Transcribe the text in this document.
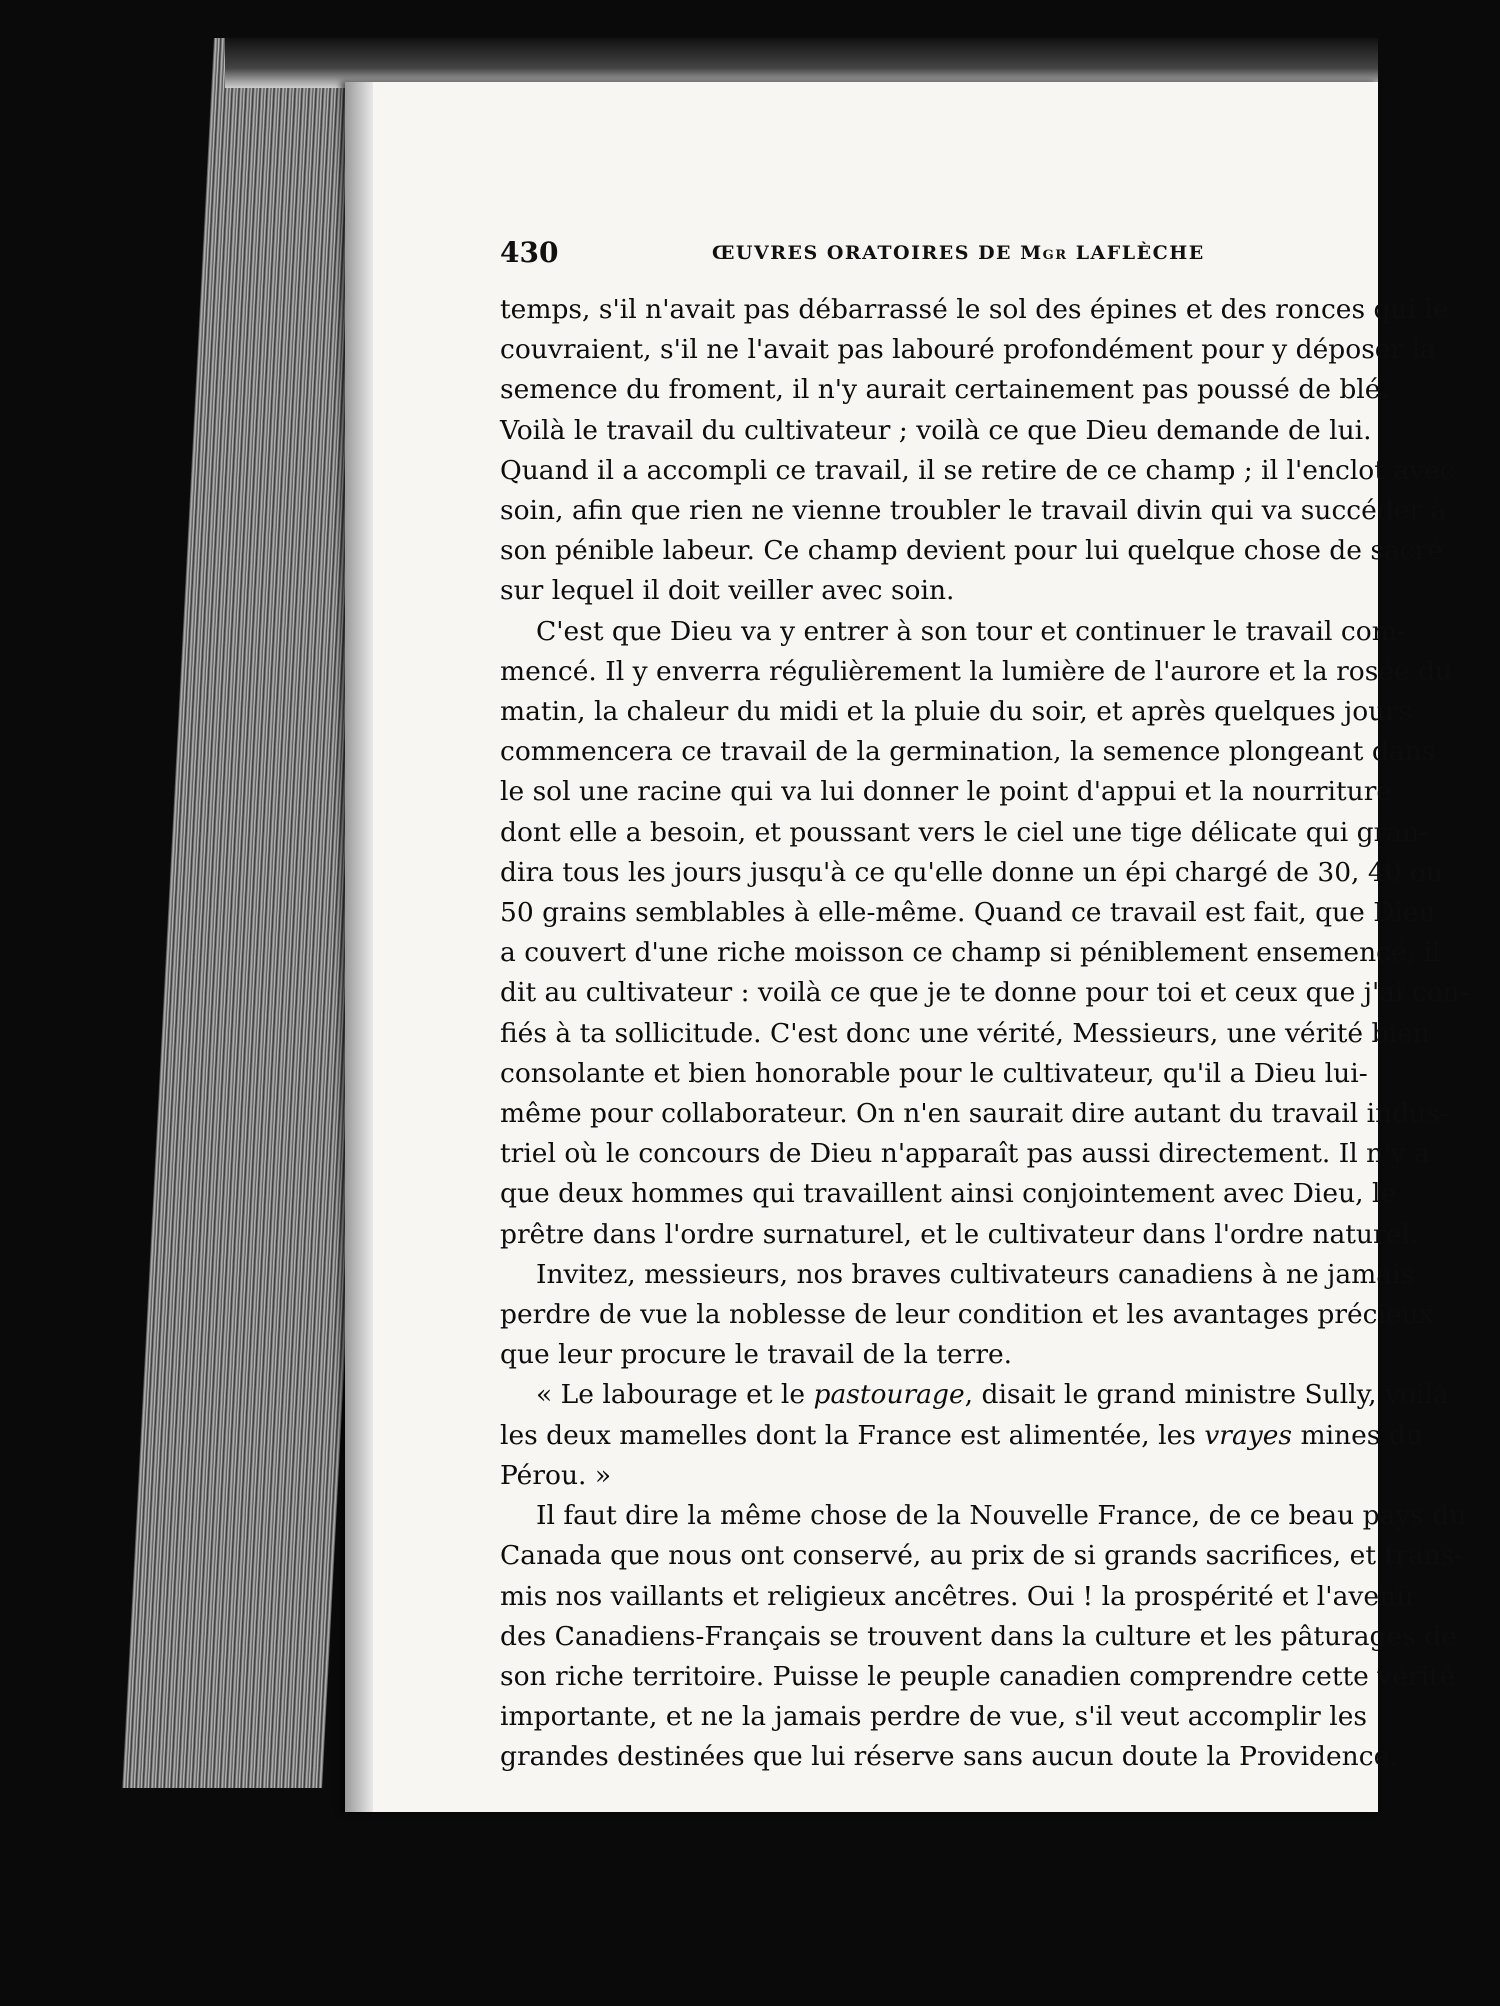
430	ŒUVRES ORATOIRES DE Mgr LAFLÈCHE
temps, s'il n'avait pas débarrassé le sol des épines et des ronces qui le
couvraient, s'il ne l'avait pas labouré profondément pour y déposer la
semence du froment, il n'y aurait certainement pas poussé de blé.
Voilà le travail du cultivateur ; voilà ce que Dieu demande de lui.
Quand il a accompli ce travail, il se retire de ce champ ; il l'enclot avec
soin, afin que rien ne vienne troubler le travail divin qui va succéder à
son pénible labeur. Ce champ devient pour lui quelque chose de sacré
sur lequel il doit veiller avec soin.
C'est que Dieu va y entrer à son tour et continuer le travail com-
mencé. Il y enverra régulièrement la lumière de l'aurore et la rosée du
matin, la chaleur du midi et la pluie du soir, et après quelques jours
commencera ce travail de la germination, la semence plongeant dans
le sol une racine qui va lui donner le point d'appui et la nourriture
dont elle a besoin, et poussant vers le ciel une tige délicate qui gran-
dira tous les jours jusqu'à ce qu'elle donne un épi chargé de 30, 40 ou
50 grains semblables à elle-même. Quand ce travail est fait, que Dieu
a couvert d'une riche moisson ce champ si péniblement ensemencé, il
dit au cultivateur : voilà ce que je te donne pour toi et ceux que j'ai con-
fiés à ta sollicitude. C'est donc une vérité, Messieurs, une vérité bien
consolante et bien honorable pour le cultivateur, qu'il a Dieu lui-
même pour collaborateur. On n'en saurait dire autant du travail indus-
triel où le concours de Dieu n'apparaît pas aussi directement. Il n'y a
que deux hommes qui travaillent ainsi conjointement avec Dieu, le
prêtre dans l'ordre surnaturel, et le cultivateur dans l'ordre naturel.
Invitez, messieurs, nos braves cultivateurs canadiens à ne jamais
perdre de vue la noblesse de leur condition et les avantages précieux
que leur procure le travail de la terre.
« Le labourage et le pastourage, disait le grand ministre Sully, voilà
les deux mamelles dont la France est alimentée, les vrayes mines du
Pérou. »
Il faut dire la même chose de la Nouvelle France, de ce beau pays du
Canada que nous ont conservé, au prix de si grands sacrifices, et trans-
mis nos vaillants et religieux ancêtres. Oui ! la prospérité et l'avenir
des Canadiens-Français se trouvent dans la culture et les pâturages de
son riche territoire. Puisse le peuple canadien comprendre cette vérité
importante, et ne la jamais perdre de vue, s'il veut accomplir les
grandes destinées que lui réserve sans aucun doute la Providence.
